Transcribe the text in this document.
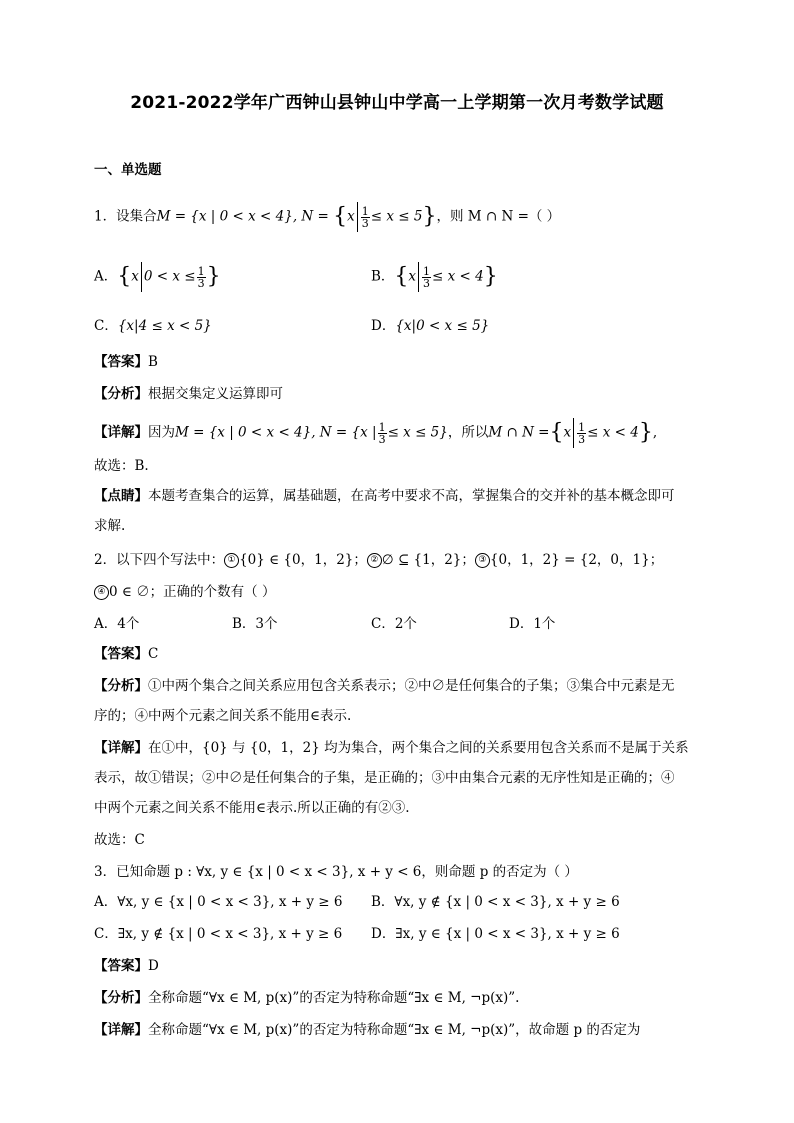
2021-2022学年广西钟山县钟山中学高一上学期第一次月考数学试题
一、单选题
1．设集合M = {x | 0 < x < 4}, $N = \{x \frac{1}{3} \le x \le 5\}$，则 M ∩ N =（ ）
A．{x $0 < x \le \frac{1}{3}$ }	B．$\{x \frac{1}{3} \le x < 4\}$
C．{x|4 ≤ x < 5}	D．{x|0 < x ≤ 5}
【答案】B
【分析】根据交集定义运算即可
【详解】因为M = {x | 0 < x < 4}, N = {x | $\frac{1}{3} \le x \le 5$}，所以M ∩ $N =\{x \frac{1}{3} \le x < 4\}$,
故选：B.
【点睛】本题考查集合的运算，属基础题，在高考中要求不高，掌握集合的交并补的基本概念即可
求解.
2．以下四个写法中： ① {0} ∈ {0，1，2}； ② ∅ ⊆ {1，2}； ③ {0，1，2} = {2，0，1}；
④ 0 ∈ ∅；正确的个数有（ ）
A．4个	B．3个	C．2个	D．1个
【答案】C
【分析】①中两个集合之间关系应用包含关系表示；②中∅是任何集合的子集；③集合中元素是无
序的；④中两个元素之间关系不能用∈表示.
【详解】在①中，{0} 与 {0，1，2} 均为集合，两个集合之间的关系要用包含关系而不是属于关系
表示，故①错误；②中∅是任何集合的子集，是正确的；③中由集合元素的无序性知是正确的；④
中两个元素之间关系不能用∈表示.所以正确的有②③.
故选：C
3．已知命题 p : ∀x, y ∈ {x | 0 < x < 3}, x + y < 6，则命题 p 的否定为（ ）
A．∀x, y ∈ {x | 0 < x < 3}, x + y ≥ 6 B．∀x, y ∉ {x | 0 < x < 3}, x + y ≥ 6
C．∃x, y ∉ {x | 0 < x < 3}, x + y ≥ 6 D．∃x, y ∈ {x | 0 < x < 3}, x + y ≥ 6
【答案】D
【分析】全称命题“∀x ∈ M, p(x)”的否定为特称命题“∃x ∈ M, ¬p(x)”.
【详解】全称命题“∀x ∈ M, p(x)”的否定为特称命题“∃x ∈ M, ¬p(x)”，故命题 p 的否定为
